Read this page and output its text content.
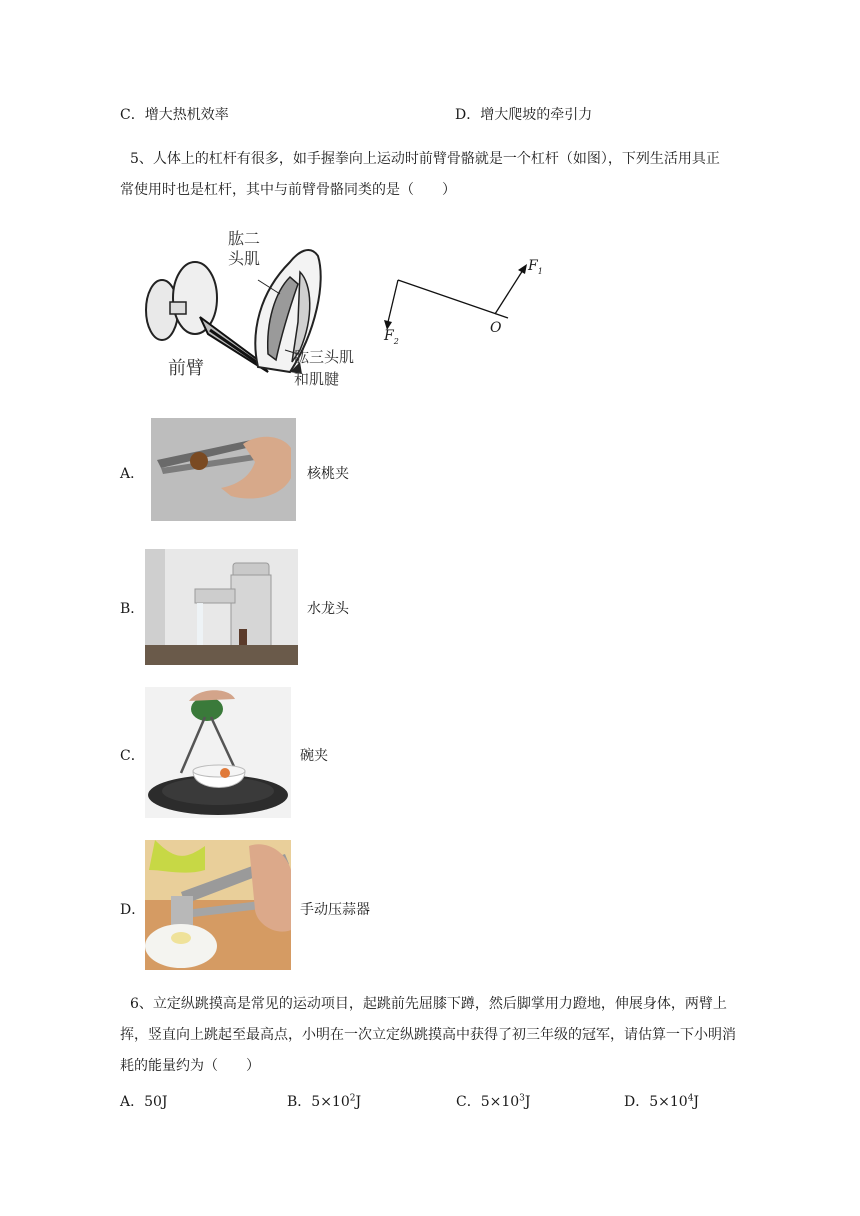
C．增大热机效率	D．增大爬坡的牵引力
5、人体上的杠杆有很多，如手握拳向上运动时前臂骨骼就是一个杠杆（如图），下列生活用具正
常使用时也是杠杆，其中与前臂骨骼同类的是（　　）
肱二
头肌
前臂
肱三头肌
和肌腱
$F_1$
$F_2$
O
A．	核桃夹
B．	水龙头
C．	碗夹
D．	手动压蒜器
6、立定纵跳摸高是常见的运动项目，起跳前先屈膝下蹲，然后脚掌用力蹬地，伸展身体，两臂上
挥，竖直向上跳起至最高点，小明在一次立定纵跳摸高中获得了初三年级的冠军，请估算一下小明消
耗的能量约为（　　）
A．50J	B．$5\times 10^2J$	C．$5\times 10^3J$	D．$5\times 10^4J$
